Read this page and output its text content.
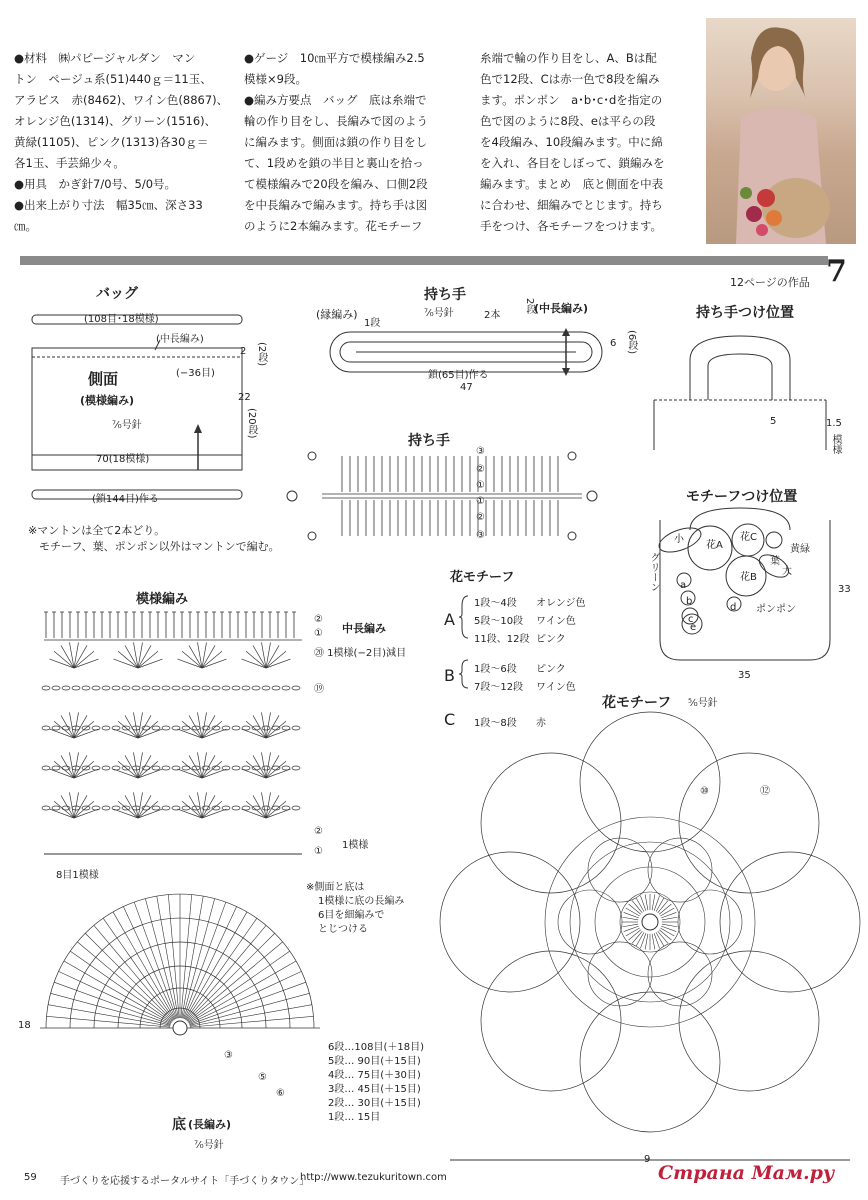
●材料　㈱パピージャルダン　マン

トン　ページュ系(51)440ｇ＝11玉、

アラビス　赤(8462)、ワイン色(8867)、

オレンジ色(1314)、グリーン(1516)、

黄緑(1105)、ピンク(1313)各30ｇ＝

各1玉、手芸綿少々。

●用具　かぎ針7/0号、5/0号。

●出来上がり寸法　幅35㎝、深さ33

㎝。

●ゲージ　10㎝平方で模様編み2.5

模様×9段。

●編み方要点　バッグ　底は糸端で

輪の作り目をし、長編みで図のよう

に編みます。側面は鎖の作り目をし

て、1段めを鎖の半目と裏山を拾っ

て模様編みで20段を編み、口側2段

を中長編みで編みます。持ち手は図

のように2本編みます。花モチーフ

糸端で輪の作り目をし、A、Bは配

色で12段、Cは赤一色で8段を編み

ます。ポンポン　a･b･c･dを指定の

色で図のように8段、eは平らの段

を4段編み、10段編みます。中に綿

を入れ、各目をしぼって、鎖編みを

編みます。まとめ　底と側面を中表

に合わせ、細編みでとじます。持ち

手をつけ、各モチーフをつけます。

7
12ページの作品
バッグ
(108目･18模様)
(中長編み)
(−36目)
側面
(模様編み)
⁷⁄₀号針
70(18模様)
2 (2段)
22
(20段)
(鎖144目)作る
※マントンは全て2本どり。
　モチーフ、葉、ポンポン以外はマントンで編む。
持ち手
(縁編み)
1段
⁷⁄₀号針	2本
2段 (中長編み)
6 (6段)
鎖(65目)作る
47
持ち手
③
②
①
①
②
③
持ち手つけ位置
5	1.5
模様
モチーフつけ位置
小
花A
花C
花B
葉
大
黄緑
グリーン
ポンポン
33
35
a
b
c
d
e
模様編み
②
① 中長編み
⑳ 1模様(−2目)減目
⑲
②
①
1模様
8目1模様
※側面と底は
1模様に底の長編み
6目を細編みで
とじつける
18
③
⑤
⑥
6段…108目(＋18目)
5段… 90目(＋15目)
4段… 75目(＋30目)
3段… 45目(＋15目)
2段… 30目(＋15目)
1段… 15目
底 (長編み)
⁷⁄₀号針
花モチーフ
A
1段〜4段 オレンジ色
5段〜10段 ワイン色
11段、12段 ピンク
B 1段〜6段 ピンク
7段〜12段 ワイン色
C 1段〜8段 赤
花モチーフ ⁵⁄₀号針
⑫
⑩
9
59 手づくりを応援するポータルサイト「手づくりタウン」
http://www.tezukuritown.com	Страна Мам.ру
